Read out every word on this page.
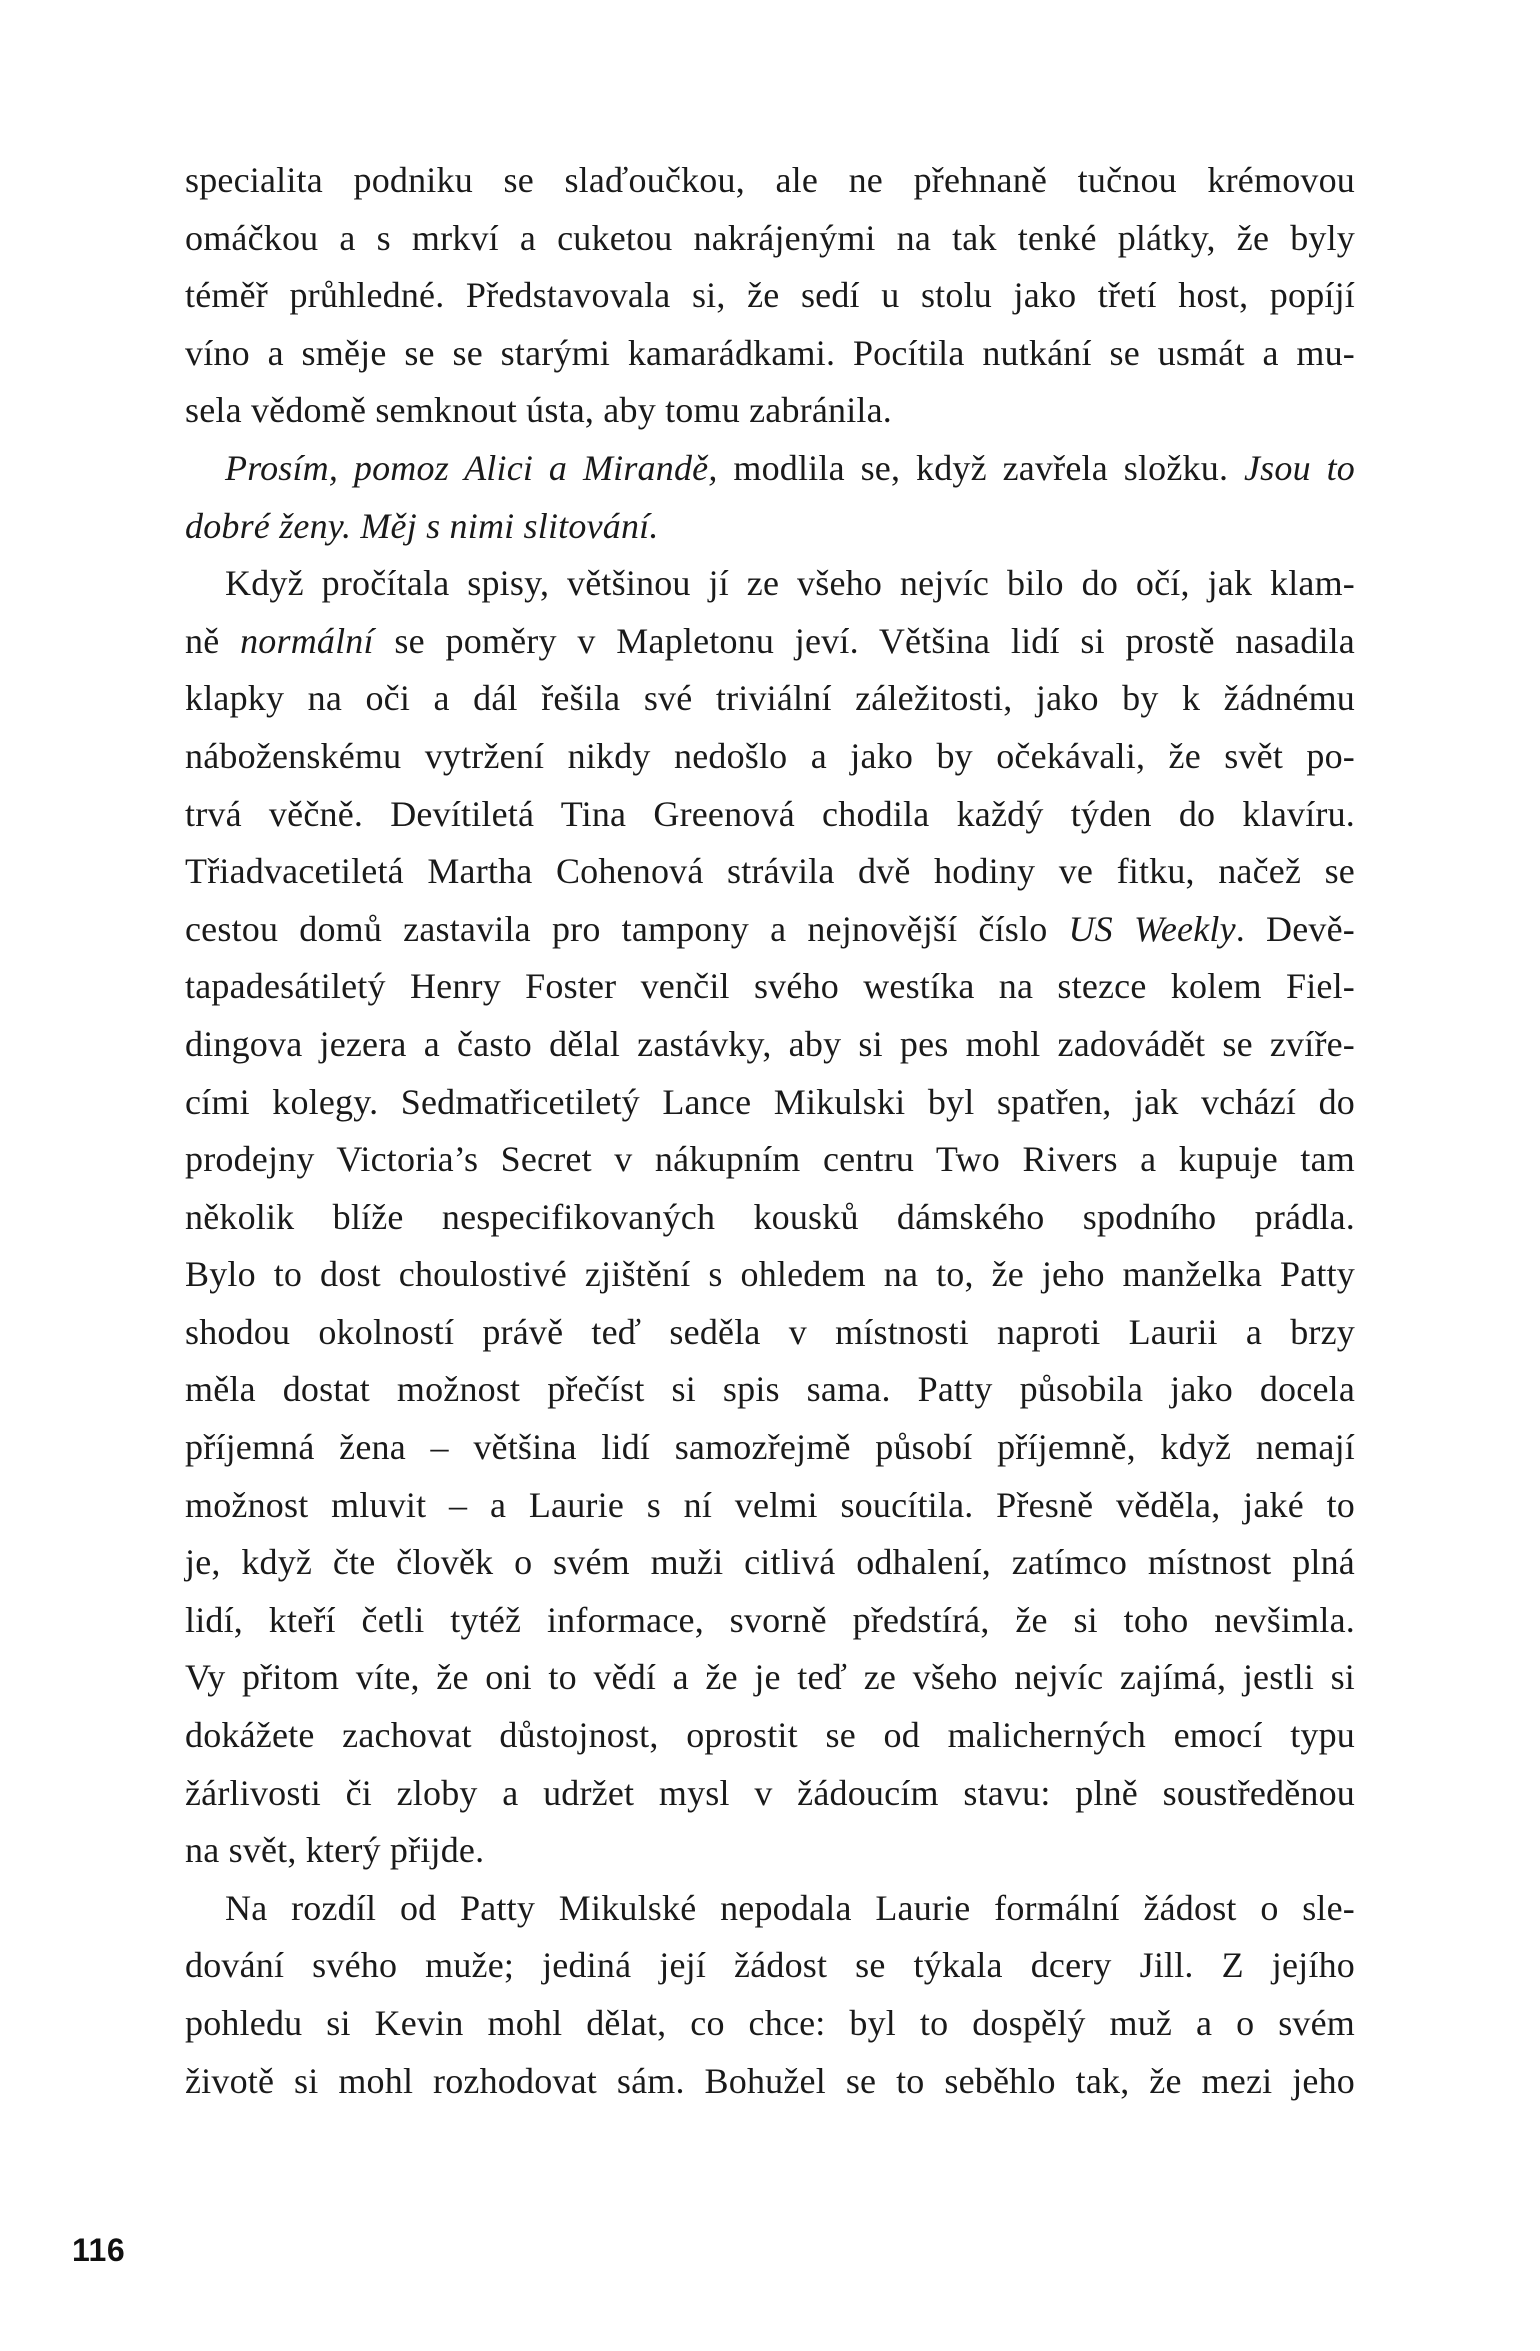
specialita podniku se slaďoučkou, ale ne přehnaně tučnou krémovou
omáčkou a s mrkví a cuketou nakrájenými na tak tenké plátky, že byly
téměř průhledné. Představovala si, že sedí u stolu jako třetí host, popíjí
víno a směje se se starými kamarádkami. Pocítila nutkání se usmát a mu-
sela vědomě semknout ústa, aby tomu zabránila.
Prosím, pomoz Alici a Mirandě, modlila se, když zavřela složku. Jsou to
dobré ženy. Měj s nimi slitování.
Když pročítala spisy, většinou jí ze všeho nejvíc bilo do očí, jak klam-
ně normální se poměry v Mapletonu jeví. Většina lidí si prostě nasadila
klapky na oči a dál řešila své triviální záležitosti, jako by k žádnému
náboženskému vytržení nikdy nedošlo a jako by očekávali, že svět po-
trvá věčně. Devítiletá Tina Greenová chodila každý týden do klavíru.
Třiadvacetiletá Martha Cohenová strávila dvě hodiny ve fitku, načež se
cestou domů zastavila pro tampony a nejnovější číslo US Weekly. Devě-
tapadesátiletý Henry Foster venčil svého westíka na stezce kolem Fiel-
dingova jezera a často dělal zastávky, aby si pes mohl zadovádět se zvíře-
cími kolegy. Sedmatřicetiletý Lance Mikulski byl spatřen, jak vchází do
prodejny Victoria’s Secret v nákupním centru Two Rivers a kupuje tam
několik blíže nespecifikovaných kousků dámského spodního prádla.
Bylo to dost choulostivé zjištění s ohledem na to, že jeho manželka Patty
shodou okolností právě teď seděla v místnosti naproti Laurii a brzy
měla dostat možnost přečíst si spis sama. Patty působila jako docela
příjemná žena – většina lidí samozřejmě působí příjemně, když nemají
možnost mluvit – a Laurie s ní velmi soucítila. Přesně věděla, jaké to
je, když čte člověk o svém muži citlivá odhalení, zatímco místnost plná
lidí, kteří četli tytéž informace, svorně předstírá, že si toho nevšimla.
Vy přitom víte, že oni to vědí a že je teď ze všeho nejvíc zajímá, jestli si
dokážete zachovat důstojnost, oprostit se od malicherných emocí typu
žárlivosti či zloby a udržet mysl v žádoucím stavu: plně soustředěnou
na svět, který přijde.
Na rozdíl od Patty Mikulské nepodala Laurie formální žádost o sle-
dování svého muže; jediná její žádost se týkala dcery Jill. Z jejího
pohledu si Kevin mohl dělat, co chce: byl to dospělý muž a o svém
životě si mohl rozhodovat sám. Bohužel se to seběhlo tak, že mezi jeho
116
